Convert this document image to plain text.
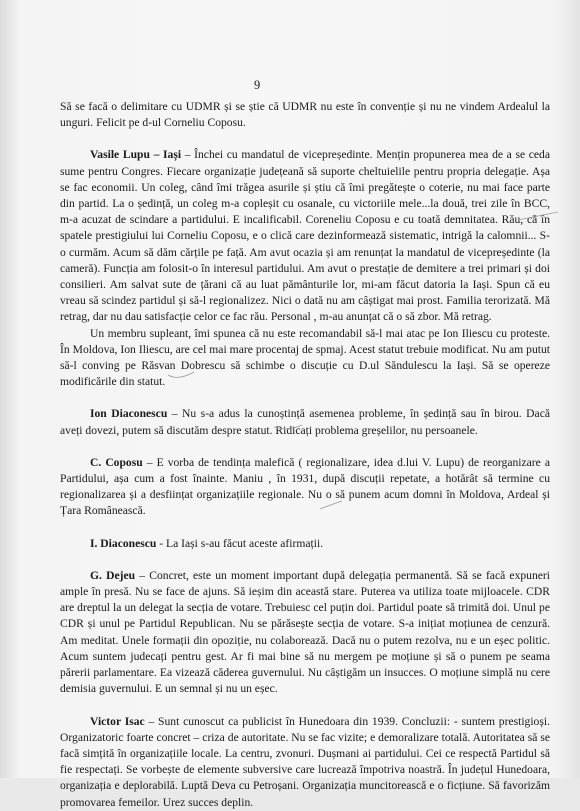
9

Să se facă o delimitare cu UDMR și se știe că UDMR nu este în convenție și nu ne vindem Ardealul la unguri. Felicit pe d-ul Corneliu Coposu.

Vasile Lupu – Iași – Închei cu mandatul de vicepreședinte. Mențin propunerea mea de a se ceda sume pentru Congres. Fiecare organizație județeană să suporte cheltuielile pentru propria delegație. Așa se fac economii. Un coleg, când îmi trăgea asurile și știu că îmi pregătește o coterie, nu mai face parte din partid. La o ședință, un coleg m-a copleșit cu osanale, cu victoriile mele...la două, trei zile în BCC, m-a acuzat de scindare a partidului. E incalificabil. Coreneliu Coposu e cu toată demnitatea. Rău, că în spatele prestigiului lui Corneliu Coposu, e o clică care dezinformează sistematic, intrigă la calomnii... S-o curmăm. Acum să dăm cărțile pe față. Am avut ocazia și am renunțat la mandatul de vicepreședinte (la cameră). Funcția am folosit-o în interesul partidului. Am avut o prestație de demitere a trei primari și doi consilieri. Am salvat sute de țărani că au luat pământurile lor, mi-am făcut datoria la Iași. Spun că eu vreau să scindez partidul și să-l regionalizez. Nici o dată nu am câștigat mai prost. Familia terorizată. Mă retrag, dar nu dau satisfacție celor ce fac rău. Personal , m-au anunțat că o să zbor. Mă retrag.

Un membru supleant, îmi spunea că nu este recomandabil să-l mai atac pe Ion Iliescu cu proteste. În Moldova, Ion Iliescu, are cel mai mare procentaj de spmaj. Acest statut trebuie modificat. Nu am putut să-l conving pe Răsvan Dobrescu să schimbe o discuție cu D.ul Săndulescu la Iași. Să se opereze modificările din statut.

Ion Diaconescu – Nu s-a adus la cunoștință asemenea probleme, în ședință sau în birou. Dacă aveți dovezi, putem să discutăm despre statut. Ridicați problema greșelilor, nu persoanele.

C. Coposu – E vorba de tendința malefică ( regionalizare, idea d.lui V. Lupu) de reorganizare a Partidului, așa cum a fost înainte. Maniu , în 1931, după discuții repetate, a hotărât să termine cu regionalizarea și a desființat organizațiile regionale. Nu o să punem acum domni în Moldova, Ardeal și Țara Românească.

I. Diaconescu - La Iași s-au făcut aceste afirmații.

G. Dejeu – Concret, este un moment important după delegația permanentă. Să se facă expuneri ample în presă. Nu se face de ajuns. Să ieșim din această stare. Puterea va utiliza toate mijloacele. CDR are dreptul la un delegat la secția de votare. Trebuiesc cel puțin doi. Partidul poate să trimită doi. Unul pe CDR și unul pe Partidul Republican. Nu se părăsește secția de votare. S-a inițiat moțiunea de cenzură. Am meditat. Unele formații din opoziție, nu colaborează. Dacă nu o putem rezolva, nu e un eșec politic. Acum suntem judecați pentru gest. Ar fi mai bine să nu mergem pe moțiune și să o punem pe seama părerii parlamentare. Ea vizează căderea guvernului. Nu câștigăm un insucces. O moțiune simplă nu cere demisia guvernului. E un semnal și nu un eșec.

Victor Isac – Sunt cunoscut ca publicist în Hunedoara din 1939. Concluzii: - suntem prestigioși. Organizatoric foarte concret – criza de autoritate. Nu se fac vizite; e demoralizare totală. Autoritatea să se facă simțită în organizațiile locale. La centru, zvonuri. Dușmani ai partidului. Cei ce respectă Partidul să fie respectați. Se vorbește de elemente subversive care lucrează împotriva noastră. În județul Hunedoara, organizația e deplorabilă. Luptă Deva cu Petroșani. Organizația muncitorească e o ficțiune. Să favorizăm promovarea femeilor. Urez succes deplin.
